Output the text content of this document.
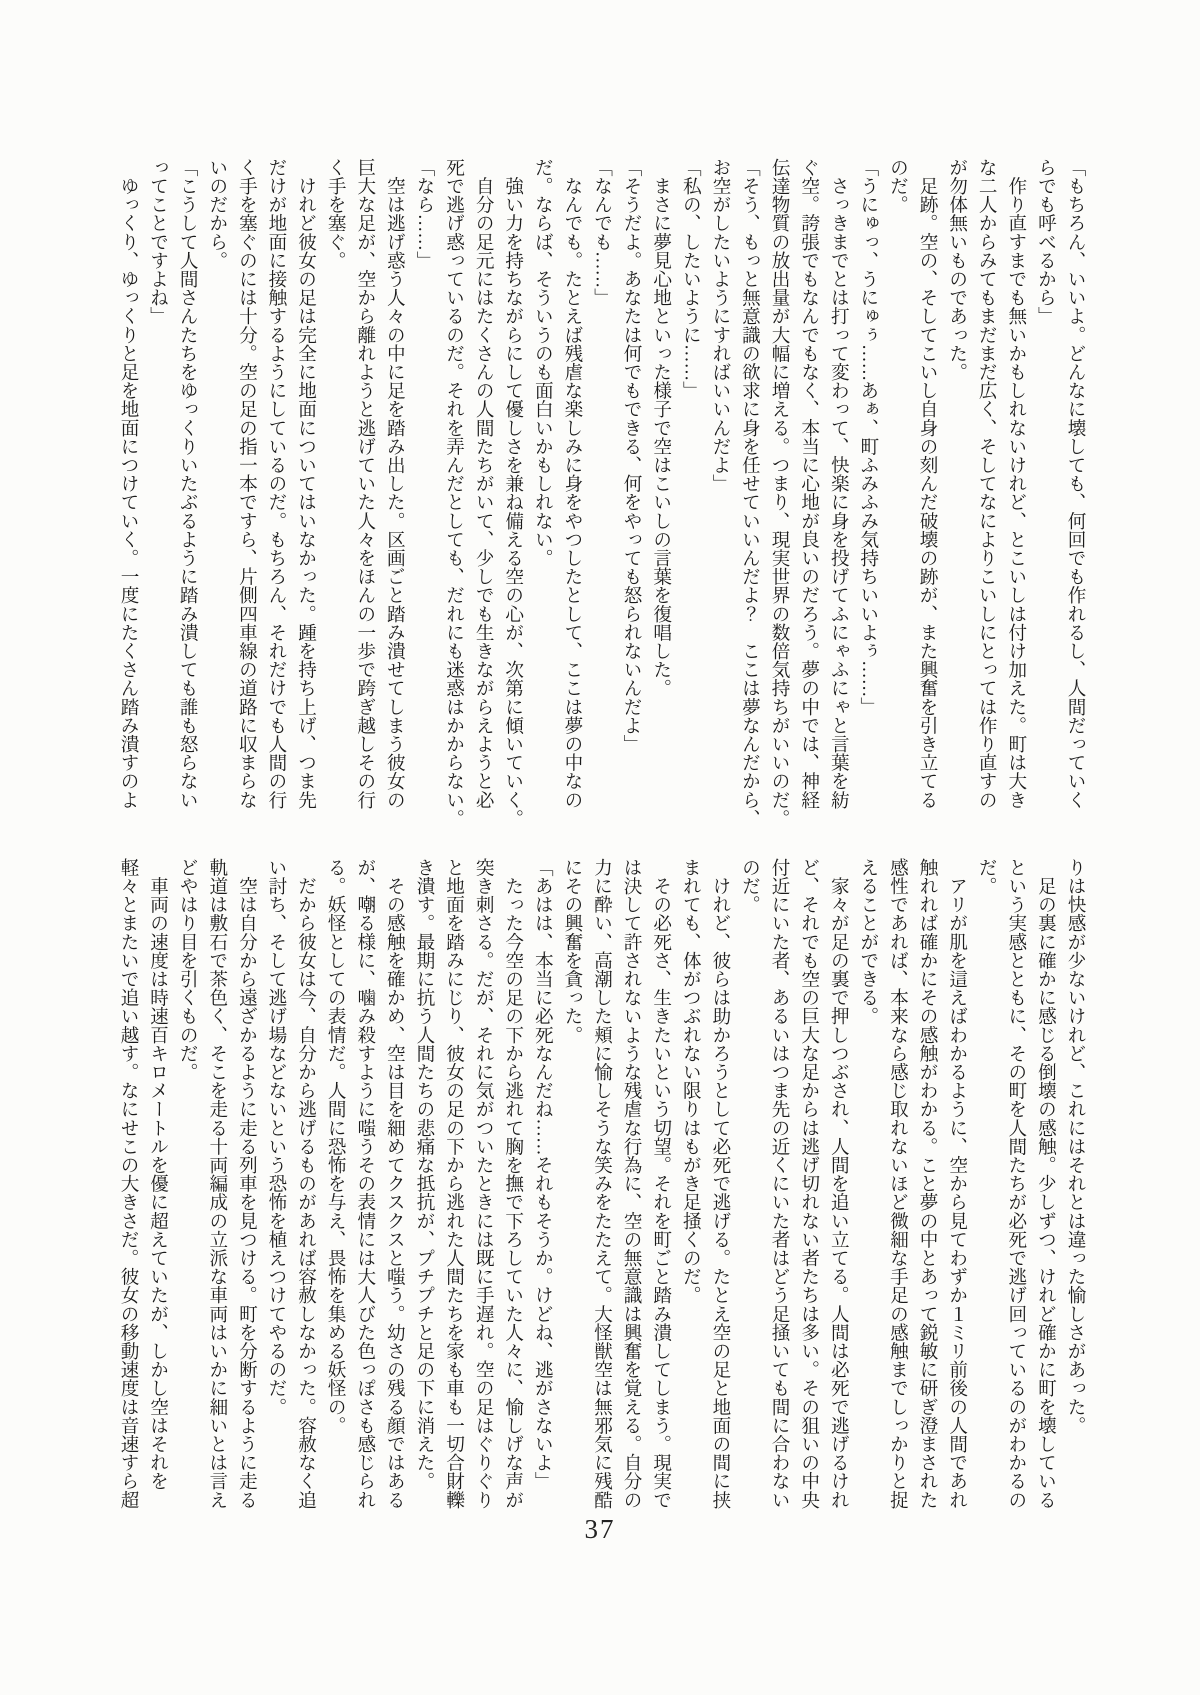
「もちろん、いいよ。どんなに壊しても、何回でも作れるし、人間だっていく

らでも呼べるから」

　作り直すまでも無いかもしれないけれど、とこいしは付け加えた。町は大き

な二人からみてもまだまだ広く、そしてなによりこいしにとっては作り直すの

が勿体無いものであった。

　足跡。空の、そしてこいし自身の刻んだ破壊の跡が、また興奮を引き立てる

のだ。

「うにゅっ、うにゅぅ……あぁ、町ふみふみ気持ちいいよぅ……」

　さっきまでとは打って変わって、快楽に身を投げてふにゃふにゃと言葉を紡

ぐ空。誇張でもなんでもなく、本当に心地が良いのだろう。夢の中では、神経

伝達物質の放出量が大幅に増える。つまり、現実世界の数倍気持ちがいいのだ。

「そう、もっと無意識の欲求に身を任せていいんだよ？　ここは夢なんだから、

お空がしたいようにすればいいんだよ」

「私の、したいように……」

　まさに夢見心地といった様子で空はこいしの言葉を復唱した。

「そうだよ。あなたは何でもできる、何をやっても怒られないんだよ」

「なんでも……」

　なんでも。たとえば残虐な楽しみに身をやつしたとして、ここは夢の中なの

だ。ならば、そういうのも面白いかもしれない。

　強い力を持ちながらにして優しさを兼ね備える空の心が、次第に傾いていく。

　自分の足元にはたくさんの人間たちがいて、少しでも生きながらえようと必

死で逃げ惑っているのだ。それを弄んだとしても、だれにも迷惑はかからない。

「なら……」

　空は逃げ惑う人々の中に足を踏み出した。区画ごと踏み潰せてしまう彼女の

巨大な足が、空から離れようと逃げていた人々をほんの一歩で跨ぎ越しその行

く手を塞ぐ。

　けれど彼女の足は完全に地面についてはいなかった。踵を持ち上げ、つま先

だけが地面に接触するようにしているのだ。もちろん、それだけでも人間の行

く手を塞ぐのには十分。空の足の指一本ですら、片側四車線の道路に収まらな

いのだから。

「こうして人間さんたちをゆっくりいたぶるように踏み潰しても誰も怒らない

ってことですよね」

　ゆっくり、ゆっくりと足を地面につけていく。一度にたくさん踏み潰すのよ

りは快感が少ないけれど、これにはそれとは違った愉しさがあった。

　足の裏に確かに感じる倒壊の感触。少しずつ、けれど確かに町を壊している

という実感とともに、その町を人間たちが必死で逃げ回っているのがわかるの

だ。

　アリが肌を這えばわかるように、空から見てわずか１ミリ前後の人間であれ

触れれば確かにその感触がわかる。こと夢の中とあって鋭敏に研ぎ澄まされた

感性であれば、本来なら感じ取れないほど微細な手足の感触までしっかりと捉

えることができる。

　家々が足の裏で押しつぶされ、人間を追い立てる。人間は必死で逃げるけれ

ど、それでも空の巨大な足からは逃げ切れない者たちは多い。その狙いの中央

付近にいた者、あるいはつま先の近くにいた者はどう足掻いても間に合わない

のだ。

　けれど、彼らは助かろうとして必死で逃げる。たとえ空の足と地面の間に挟

まれても、体がつぶれない限りはもがき足掻くのだ。

　その必死さ、生きたいという切望。それを町ごと踏み潰してしまう。現実で

は決して許されないような残虐な行為に、空の無意識は興奮を覚える。自分の

力に酔い、高潮した頬に愉しそうな笑みをたたえて。大怪獣空は無邪気に残酷

にその興奮を貪った。

「あはは、本当に必死なんだね……それもそうか。けどね、逃がさないよ」

　たった今空の足の下から逃れて胸を撫で下ろしていた人々に、愉しげな声が

突き刺さる。だが、それに気がついたときには既に手遅れ。空の足はぐりぐり

と地面を踏みにじり、彼女の足の下から逃れた人間たちを家も車も一切合財轢

き潰す。最期に抗う人間たちの悲痛な抵抗が、プチプチと足の下に消えた。

　その感触を確かめ、空は目を細めてクスクスと嗤う。幼さの残る顔ではある

が、嘲る様に、噛み殺すように嗤うその表情には大人びた色っぽさも感じられ

る。妖怪としての表情だ。人間に恐怖を与え、畏怖を集める妖怪の。

　だから彼女は今、自分から逃げるものがあれば容赦しなかった。容赦なく追

い討ち、そして逃げ場などないという恐怖を植えつけてやるのだ。

　空は自分から遠ざかるように走る列車を見つける。町を分断するように走る

軌道は敷石で茶色く、そこを走る十両編成の立派な車両はいかに細いとは言え

どやはり目を引くものだ。

　車両の速度は時速百キロメートルを優に超えていたが、しかし空はそれを

軽々とまたいで追い越す。なにせこの大きさだ。彼女の移動速度は音速すら超

37
